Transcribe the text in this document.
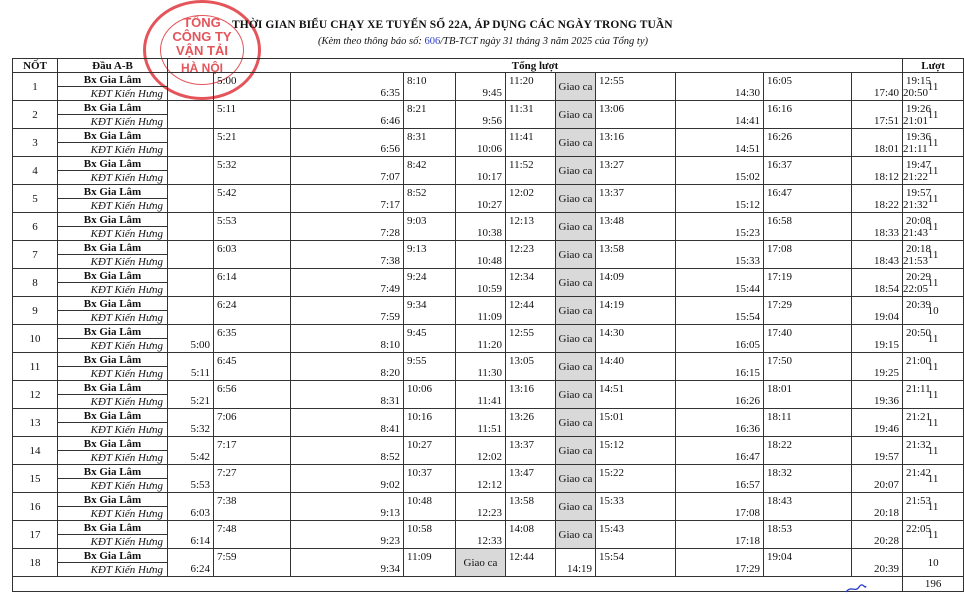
TỔNG
CÔNG TY
VẬN TẢI
HÀ NỘI
THỜI GIAN BIỂU CHẠY XE TUYẾN SỐ 22A, ÁP DỤNG CÁC NGÀY TRONG TUẦN
(Kèm theo thông báo số: 606/TB-TCT ngày 31 tháng 3 năm 2025 của Tổng ty)
NỐT	Đầu A-B	Tổng lượt											Lượt
1	Bx Gia Lâm		5:00	6:35	8:10	9:45	11:20	Giao ca	12:55	14:30	16:05	17:40	19:15	20:50	11
	KĐT Kiến Hưng												
2	Bx Gia Lâm		5:11	6:46	8:21	9:56	11:31	Giao ca	13:06	14:41	16:16	17:51	19:26	21:01	11
	KĐT Kiến Hưng												
3	Bx Gia Lâm		5:21	6:56	8:31	10:06	11:41	Giao ca	13:16	14:51	16:26	18:01	19:36	21:11	11
	KĐT Kiến Hưng												
4	Bx Gia Lâm		5:32	7:07	8:42	10:17	11:52	Giao ca	13:27	15:02	16:37	18:12	19:47	21:22	11
	KĐT Kiến Hưng												
5	Bx Gia Lâm		5:42	7:17	8:52	10:27	12:02	Giao ca	13:37	15:12	16:47	18:22	19:57	21:32	11
	KĐT Kiến Hưng												
6	Bx Gia Lâm		5:53	7:28	9:03	10:38	12:13	Giao ca	13:48	15:23	16:58	18:33	20:08	21:43	11
	KĐT Kiến Hưng												
7	Bx Gia Lâm		6:03	7:38	9:13	10:48	12:23	Giao ca	13:58	15:33	17:08	18:43	20:18	21:53	11
	KĐT Kiến Hưng												
8	Bx Gia Lâm		6:14	7:49	9:24	10:59	12:34	Giao ca	14:09	15:44	17:19	18:54	20:29	22:05	11
	KĐT Kiến Hưng												
9	Bx Gia Lâm		6:24	7:59	9:34	11:09	12:44	Giao ca	14:19	15:54	17:29	19:04	20:39		10
	KĐT Kiến Hưng												
10	Bx Gia Lâm	5:00	6:35	8:10	9:45	11:20	12:55	Giao ca	14:30	16:05	17:40	19:15	20:50		11
	KĐT Kiến Hưng												
11	Bx Gia Lâm	5:11	6:45	8:20	9:55	11:30	13:05	Giao ca	14:40	16:15	17:50	19:25	21:00		11
	KĐT Kiến Hưng												
12	Bx Gia Lâm	5:21	6:56	8:31	10:06	11:41	13:16	Giao ca	14:51	16:26	18:01	19:36	21:11		11
	KĐT Kiến Hưng												
13	Bx Gia Lâm	5:32	7:06	8:41	10:16	11:51	13:26	Giao ca	15:01	16:36	18:11	19:46	21:21		11
	KĐT Kiến Hưng												
14	Bx Gia Lâm	5:42	7:17	8:52	10:27	12:02	13:37	Giao ca	15:12	16:47	18:22	19:57	21:32		11
	KĐT Kiến Hưng												
15	Bx Gia Lâm	5:53	7:27	9:02	10:37	12:12	13:47	Giao ca	15:22	16:57	18:32	20:07	21:42		11
	KĐT Kiến Hưng												
16	Bx Gia Lâm	6:03	7:38	9:13	10:48	12:23	13:58	Giao ca	15:33	17:08	18:43	20:18	21:53		11
	KĐT Kiến Hưng												
17	Bx Gia Lâm	6:14	7:48	9:23	10:58	12:33	14:08	Giao ca	15:43	17:18	18:53	20:28	22:05		11
	KĐT Kiến Hưng												
18	Bx Gia Lâm	6:24	7:59	9:34	11:09	Giao ca	12:44	14:19	15:54	17:29	19:04	20:39			10
	KĐT Kiến Hưng												
													196
